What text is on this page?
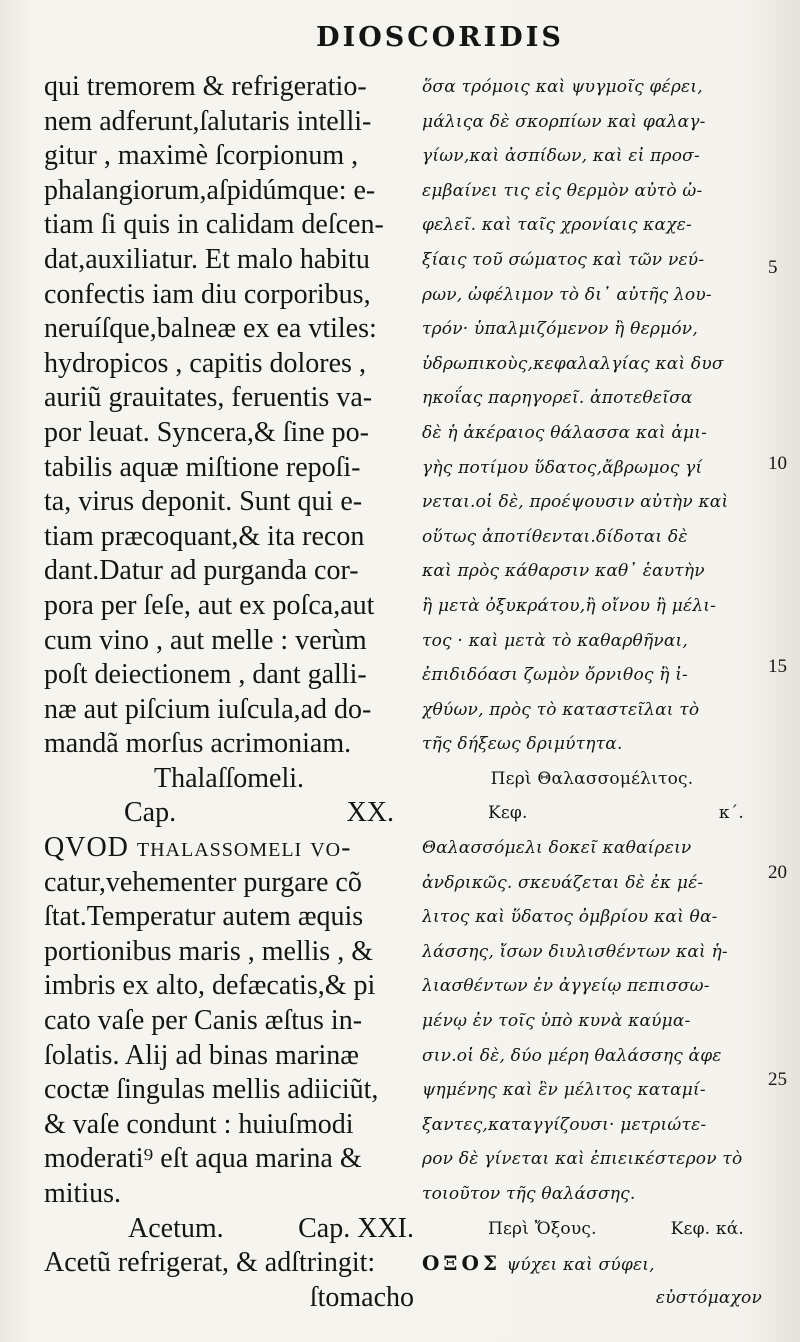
DIOSCORIDIS
qui tremorem & refrigeratio-
nem adferunt,ſalutaris intelli-
gitur , maximè ſcorpionum ,
phalangiorum,aſpidúmque: e-
tiam ſi quis in calidam deſcen-
dat,auxiliatur. Et malo habitu
confectis iam diu corporibus,
neruíſque,balneæ ex ea vtiles:
hydropicos , capitis dolores ,
auriũ grauitates, feruentis va-
por leuat. Syncera,& ſine po-
tabilis aquæ miſtione repoſi-
ta, virus deponit. Sunt qui e-
tiam præcoquant,& ita recon
dant.Datur ad purganda cor-
pora per ſeſe, aut ex poſca,aut
cum vino , aut melle : verùm
poſt deiectionem , dant galli-
næ aut piſcium iuſcula,ad do-
mandã morſus acrimoniam.
Thalaſſomeli.
Cap.	XX.
QVOD thalaſſomeli vo-
catur,vehementer purgare cõ
ſtat.Temperatur autem æquis
portionibus maris , mellis , &
imbris ex alto, defæcatis,& pi
cato vaſe per Canis æſtus in-
ſolatis. Alij ad binas marinæ
coctæ ſingulas mellis adiiciũt,
& vaſe condunt : huiuſmodi
moderati⁹ eſt aqua marina &
mitius.
Acetum.	Cap. XXI.
Acetũ refrigerat, & adſtringit:
ſtomacho
ὅσα τρόμοις καὶ ψυγμοῖς φέρει,
μάλιςα δὲ σκορπίων καὶ φαλαγ-
γίων,καὶ ἀσπίδων, καὶ εἰ προσ-
εμβαίνει τις εἰς θερμὸν αὐτὸ ὠ-
φελεῖ. καὶ ταῖς χρονίαις καχε-
ξίαις τοῦ σώματος καὶ τῶν νεύ-
ρων, ὠφέλιμον τὸ δι᾽ αὐτῆς λου-
τρόν· ὑπαλμιζόμενον ἢ θερμόν,
ὑδρωπικοὺς,κεφαλαλγίας καὶ δυσ
ηκοΐας παρηγορεῖ. ἀποτεθεῖσα
δὲ ἡ ἀκέραιος θάλασσα καὶ ἀμι-
γὴς ποτίμου ὕδατος,ἄβρωμος γί
νεται.οἱ δὲ, προέψουσιν αὐτὴν καὶ
οὕτως ἀποτίθενται.δίδοται δὲ
καὶ πρὸς κάθαρσιν καθ᾽ ἑαυτὴν
ἢ μετὰ ὀξυκράτου,ἢ οἴνου ἢ μέλι-
τος · καὶ μετὰ τὸ καθαρθῆναι,
ἐπιδιδόασι ζωμὸν ὄρνιθος ἢ ἰ-
χθύων, πρὸς τὸ καταστεῖλαι τὸ
τῆς δήξεως δριμύτητα.
Περὶ Θαλασσομέλιτος.
Κεφ.	κ΄.
Θαλασσόμελι δοκεῖ καθαίρειν
ἀνδρικῶς. σκευάζεται δὲ ἐκ μέ-
λιτος καὶ ὕδατος ὀμβρίου καὶ θα-
λάσσης, ἴσων διυλισθέντων καὶ ἡ-
λιασθέντων ἐν ἀγγείῳ πεπισσω-
μένῳ ἐν τοῖς ὑπὸ κυνὰ καύμα-
σιν.οἱ δὲ, δύο μέρη θαλάσσης ἀφε
ψημένης καὶ ἓν μέλιτος καταμί-
ξαντες,καταγγίζουσι· μετριώτε-
ρον δὲ γίνεται καὶ ἐπιεικέστερον τὸ
τοιοῦτον τῆς θαλάσσης.
Περὶ Ὄξους.	Κεφ. κά.
ΟΞΟΣ ψύχει καὶ σύφει,
εὐστόμαχον
5
10
15
20
25
